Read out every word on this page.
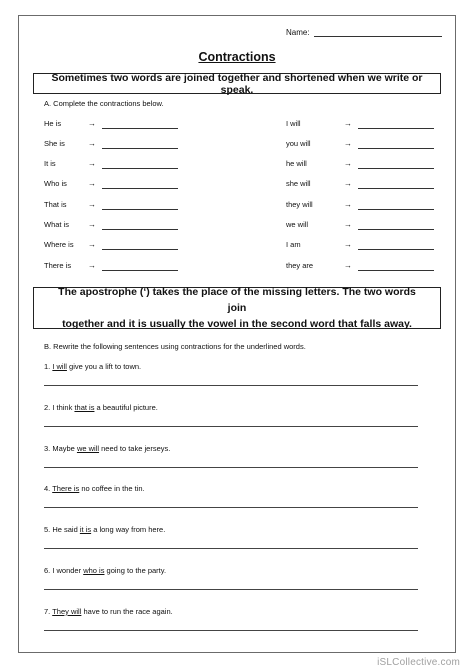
Name:
Contractions
Sometimes two words are joined together and shortened when we write or speak.
A. Complete the contractions below.
He is	→
She is	→
It is	→
Who is	→
That is	→
What is	→
Where is	→
There is	→
I will	→
you will	→
he will	→
she will	→
they will	→
we will	→
I am	→
they are	→
The apostrophe (‘) takes the place of the missing letters. The two words join
together and it is usually the vowel in the second word that falls away.
B. Rewrite the following sentences using contractions for the underlined words.
1. I will give you a lift to town.
2. I think that is a beautiful picture.
3. Maybe we will need to take jerseys.
4. There is no coffee in the tin.
5. He said it is a long way from here.
6. I wonder who is going to the party.
7. They will have to run the race again.
iSLCollective.com
